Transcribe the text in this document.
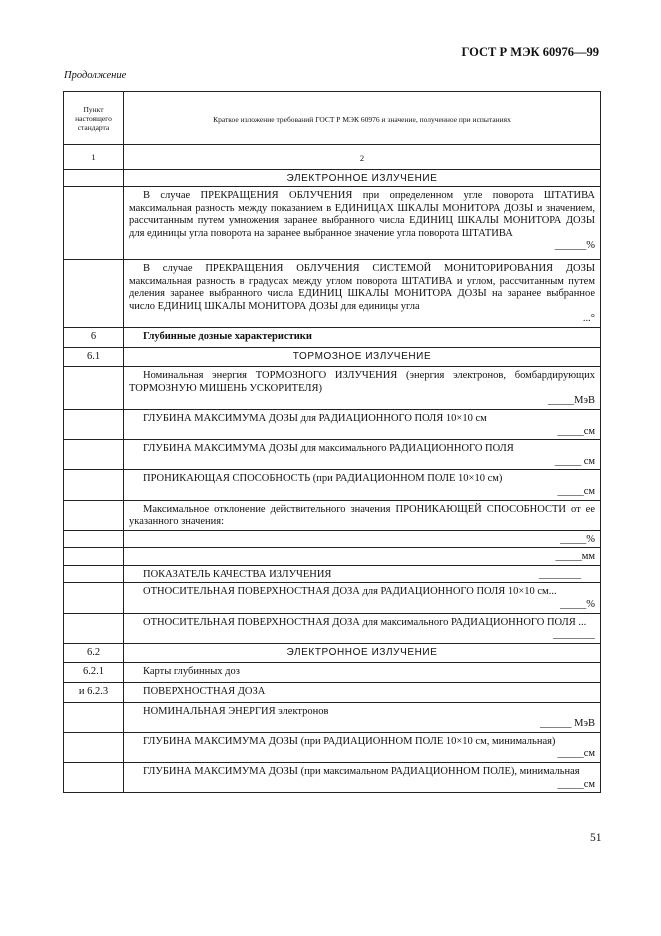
ГОСТ Р МЭК 60976—99
Продолжение
Пункт настоящего стандарта	Краткое изложение требований ГОСТ Р МЭК 60976 и значение, полученное при испытаниях
1	2
	ЭЛЕКТРОННОЕ ИЗЛУЧЕНИЕ

	В случае ПРЕКРАЩЕНИЯ ОБЛУЧЕНИЯ при определенном угле поворота ШТАТИВА максимальная разность между показанием в ЕДИНИЦАХ ШКАЛЫ МОНИТОРА ДОЗЫ и значением, рассчитанным путем умножения заранее выбранного числа ЕДИНИЦ ШКАЛЫ МОНИТОРА ДОЗЫ для единицы угла поворота на заранее выбранное значение угла поворота ШТАТИВА
______%

	В случае ПРЕКРАЩЕНИЯ ОБЛУЧЕНИЯ СИСТЕМОЙ МОНИТОРИРОВАНИЯ ДОЗЫ максимальная разность в градусах между углом поворота ШТАТИВА и углом, рассчитанным путем деления заранее выбранного числа ЕДИНИЦ ШКАЛЫ МОНИТОРА ДОЗЫ на заранее выбранное число ЕДИНИЦ ШКАЛЫ МОНИТОРА ДОЗЫ для единицы угла
...°

6	Глубинные дозные характеристики

6.1	ТОРМОЗНОЕ ИЗЛУЧЕНИЕ

	Номинальная энергия ТОРМОЗНОГО ИЗЛУЧЕНИЯ (энергия электронов, бомбардирующих ТОРМОЗНУЮ МИШЕНЬ УСКОРИТЕЛЯ)
_____МэВ

	ГЛУБИНА МАКСИМУМА ДОЗЫ для РАДИАЦИОННОГО ПОЛЯ 10×10 см
_____см

	ГЛУБИНА МАКСИМУМА ДОЗЫ для максимального РАДИАЦИОННОГО ПОЛЯ
_____ см

	ПРОНИКАЮЩАЯ СПОСОБНОСТЬ (при РАДИАЦИОННОМ ПОЛЕ 10×10 см)
_____см

	Максимальное отклонение действительного значения ПРОНИКАЮЩЕЙ СПОСОБНОСТИ от ее указанного значения:

	_____%

	_____мм

	ПОКАЗАТЕЛЬ КАЧЕСТВА ИЗЛУЧЕНИЯ ________

	ОТНОСИТЕЛЬНАЯ ПОВЕРХНОСТНАЯ ДОЗА для РАДИАЦИОННОГО ПОЛЯ 10×10 см...
_____%

	ОТНОСИТЕЛЬНАЯ ПОВЕРХНОСТНАЯ ДОЗА для максимального РАДИАЦИОННОГО ПОЛЯ ...
________

6.2	ЭЛЕКТРОННОЕ ИЗЛУЧЕНИЕ
6.2.1	Карты глубинных доз

и 6.2.3	ПОВЕРХНОСТНАЯ ДОЗА

	НОМИНАЛЬНАЯ ЭНЕРГИЯ электронов
______ МэВ

	ГЛУБИНА МАКСИМУМА ДОЗЫ (при РАДИАЦИОННОМ ПОЛЕ 10×10 см, минимальная)
_____см

	ГЛУБИНА МАКСИМУМА ДОЗЫ (при максимальном РАДИАЦИОННОМ ПОЛЕ), минимальная
_____см
51
